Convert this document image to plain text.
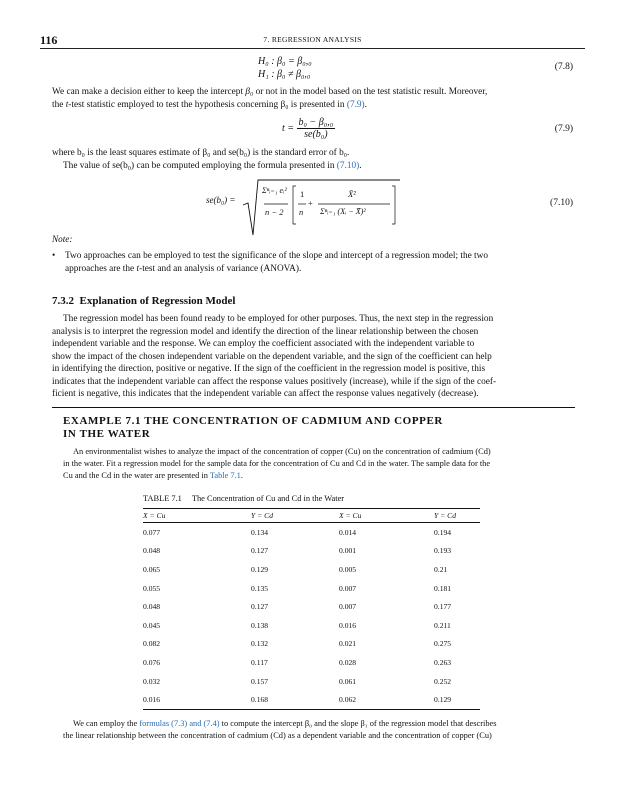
116	7. REGRESSION ANALYSIS
H₀ : β₀ = β₀,₀
H₁ : β₀ ≠ β₀,₀
(7.8)
We can make a decision either to keep the intercept β₀ or not in the model based on the test statistic result. Moreover,
the t-test statistic employed to test the hypothesis concerning β₀ is presented in (7.9).
$t = \frac{\text{b₀ − β₀,₀}}{\text{se(b₀)}}$	(7.9)
where b₀ is the least squares estimate of β₀ and se(b₀) is the standard error of b₀.
The value of se(b₀) can be computed employing the formula presented in (7.10).
se(b₀) =
Σⁿᵢ₌₁ eᵢ²
n − 2
1
n
+
X̄²
Σⁿᵢ₌₁ (Xᵢ − X̄)²
(7.10)
Note:
• Two approaches can be employed to test the significance of the slope and intercept of a regression model; the two
approaches are the t-test and an analysis of variance (ANOVA).
7.3.2 Explanation of Regression Model
The regression model has been found ready to be employed for other purposes. Thus, the next step in the regression
analysis is to interpret the regression model and identify the direction of the linear relationship between the chosen
independent variable and the response. We can employ the coefficient associated with the independent variable to
show the impact of the chosen independent variable on the dependent variable, and the sign of the coefficient can help
in identifying the direction, positive or negative. If the sign of the coefficient in the regression model is positive, this
indicates that the independent variable can affect the response values positively (increase), while if the sign of the coef-
ficient is negative, this indicates that the independent variable can affect the response values negatively (decrease).
EXAMPLE 7.1 THE CONCENTRATION OF CADMIUM AND COPPER
IN THE WATER
An environmentalist wishes to analyze the impact of the concentration of copper (Cu) on the concentration of cadmium (Cd)
in the water. Fit a regression model for the sample data for the concentration of Cu and Cd in the water. The sample data for the
Cu and the Cd in the water are presented in Table 7.1.
TABLE 7.1 The Concentration of Cu and Cd in the Water
X = Cu	Y = Cd	X = Cu	Y = Cd
0.077	0.134	0.014	0.194
0.048	0.127	0.001	0.193
0.065	0.129	0.005	0.21
0.055	0.135	0.007	0.181
0.048	0.127	0.007	0.177
0.045	0.138	0.016	0.211
0.082	0.132	0.021	0.275
0.076	0.117	0.028	0.263
0.032	0.157	0.061	0.252
0.016	0.168	0.062	0.129
We can employ the formulas (7.3) and (7.4) to compute the intercept β₀ and the slope β₁ of the regression model that describes
the linear relationship between the concentration of cadmium (Cd) as a dependent variable and the concentration of copper (Cu)
